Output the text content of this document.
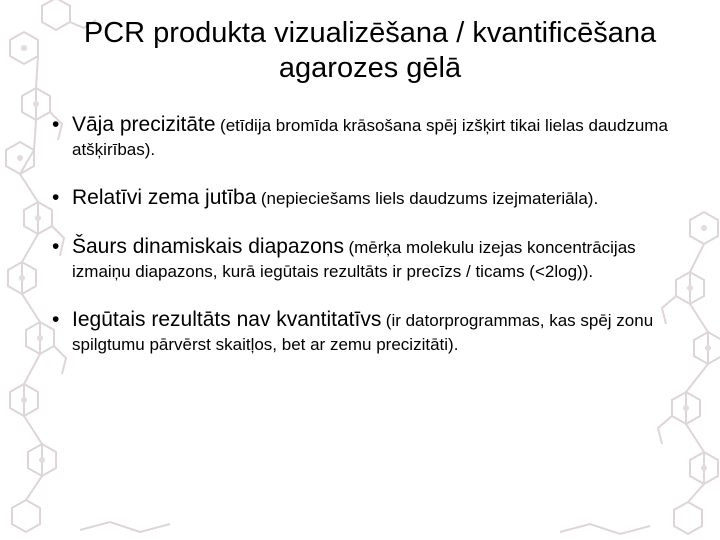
PCR produkta vizualizēšana / kvantificēšana
agarozes gēlā
• Vāja precizitāte (etīdija bromīda krāsošana spēj izšķirt tikai lielas daudzuma atšķirības).
• Relatīvi zema jutība (nepieciešams liels daudzums izejmateriāla).
• Šaurs dinamiskais diapazons (mērķa molekulu izejas koncentrācijas izmaiņu diapazons, kurā iegūtais rezultāts ir precīzs / ticams (<2log)).
• Iegūtais rezultāts nav kvantitatīvs (ir datorprogrammas, kas spēj zonu spilgtumu pārvērst skaitļos, bet ar zemu precizitāti).
